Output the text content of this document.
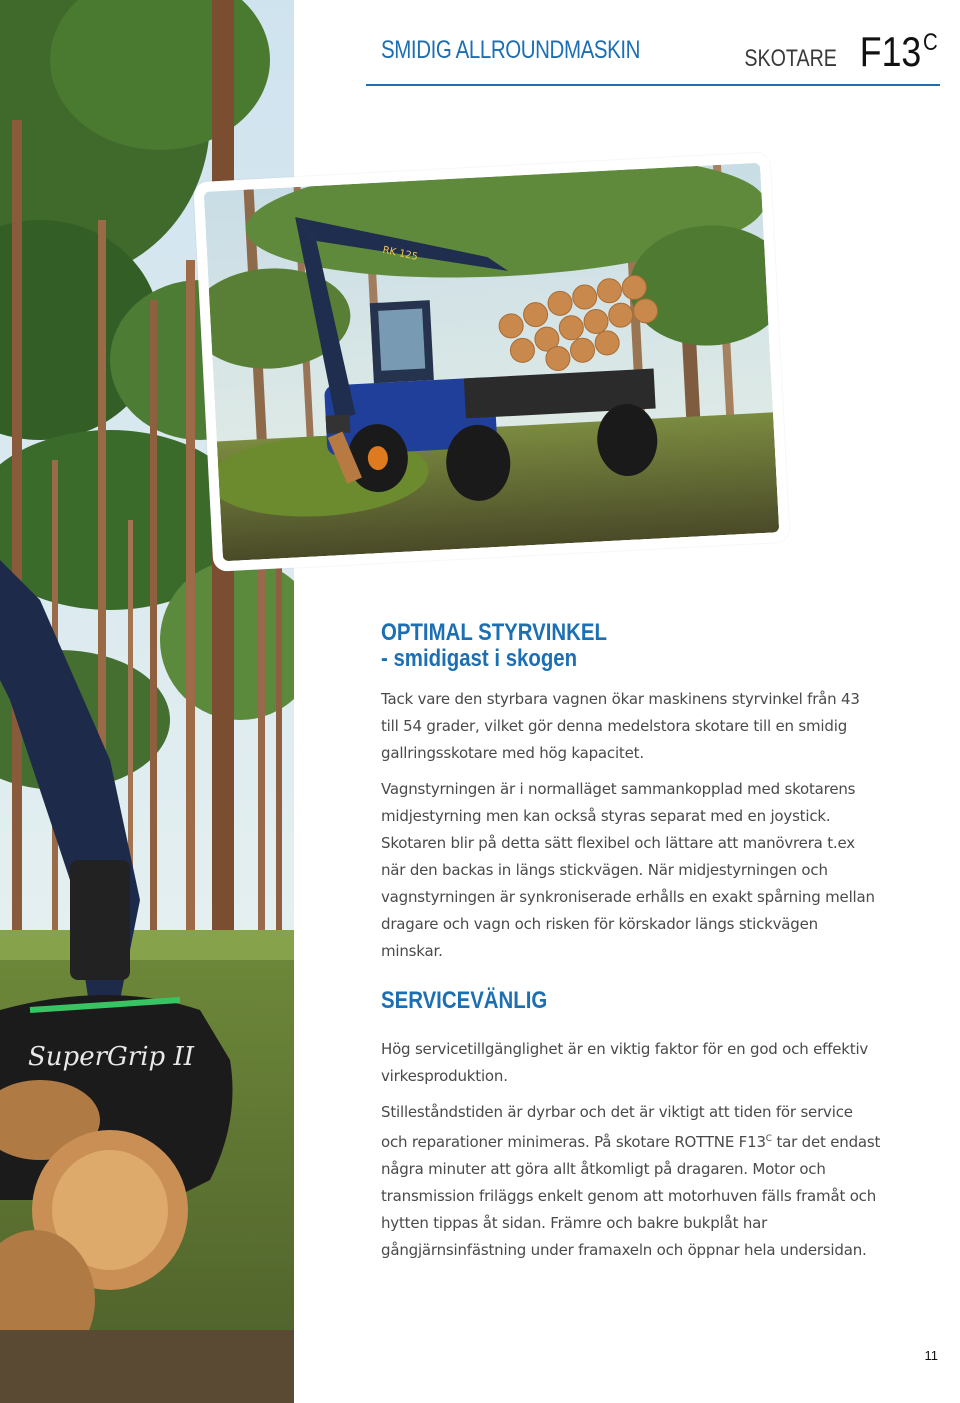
SuperGrip II
SMIDIG ALLROUNDMASKIN	SKOTARE $F13^C$
RK 125
OPTIMAL STYRVINKEL
- smidigast i skogen

Tack vare den styrbara vagnen ökar maskinens styrvinkel från 43 till 54 grader, vilket gör denna medelstora skotare till en smidig gallringsskotare med hög kapacitet.

Vagnstyrningen är i normalläget sammankopplad med skotarens midjestyrning men kan också styras separat med en joystick. Skotaren blir på detta sätt flexibel och lättare att manövrera t.ex när den backas in längs stickvägen. När midjestyrningen och vagnstyrningen är synkroniserade erhålls en exakt spårning mellan dragare och vagn och risken för körskador längs stickvägen minskar.

SERVICEVÄNLIG

Hög servicetillgänglighet är en viktig faktor för en god och effektiv virkesproduktion.

Stilleståndstiden är dyrbar och det är viktigt att tiden för service och reparationer minimeras. På skotare ROTTNE $F13^C$ tar det endast några minuter att göra allt åtkomligt på dragaren. Motor och transmission friläggs enkelt genom att motorhuven fälls framåt och hytten tippas åt sidan. Främre och bakre bukplåt har gångjärnsinfästning under framaxeln och öppnar hela undersidan.

11
